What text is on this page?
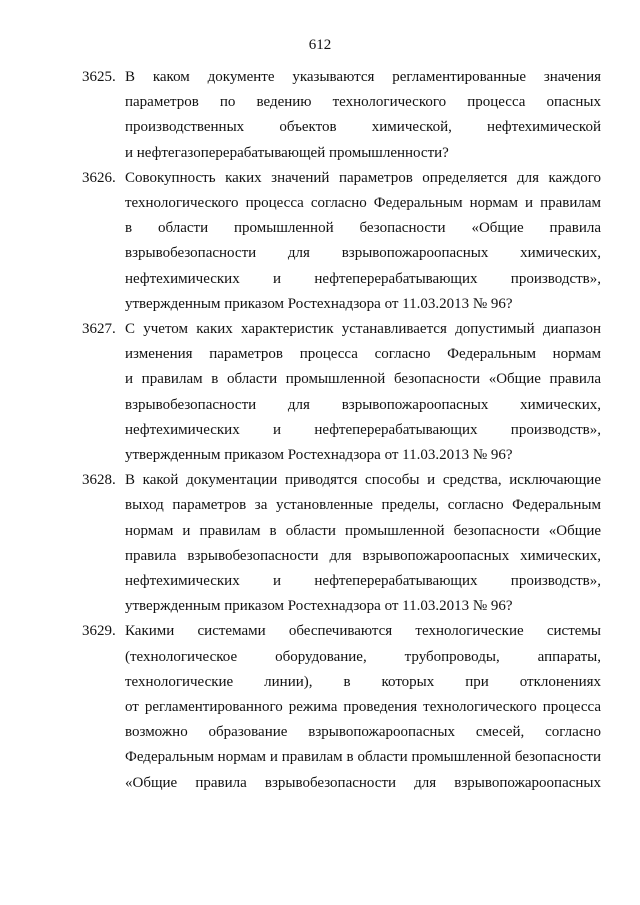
612
3625. В каком документе указываются регламентированные значения
параметров по ведению технологического процесса опасных
производственных объектов химической, нефтехимической
и нефтегазоперерабатывающей промышленности?
3626. Совокупность каких значений параметров определяется для каждого
технологического процесса согласно Федеральным нормам и правилам
в области промышленной безопасности «Общие правила
взрывобезопасности для взрывопожароопасных химических,
нефтехимических и нефтеперерабатывающих производств»,
утвержденным приказом Ростехнадзора от 11.03.2013 № 96?
3627. С учетом каких характеристик устанавливается допустимый диапазон
изменения параметров процесса согласно Федеральным нормам
и правилам в области промышленной безопасности «Общие правила
взрывобезопасности для взрывопожароопасных химических,
нефтехимических и нефтеперерабатывающих производств»,
утвержденным приказом Ростехнадзора от 11.03.2013 № 96?
3628. В какой документации приводятся способы и средства, исключающие
выход параметров за установленные пределы, согласно Федеральным
нормам и правилам в области промышленной безопасности «Общие
правила взрывобезопасности для взрывопожароопасных химических,
нефтехимических и нефтеперерабатывающих производств»,
утвержденным приказом Ростехнадзора от 11.03.2013 № 96?
3629. Какими системами обеспечиваются технологические системы
(технологическое оборудование, трубопроводы, аппараты,
технологические линии), в которых при отклонениях
от регламентированного режима проведения технологического процесса
возможно образование взрывопожароопасных смесей, согласно
Федеральным нормам и правилам в области промышленной безопасности
«Общие правила взрывобезопасности для взрывопожароопасных
